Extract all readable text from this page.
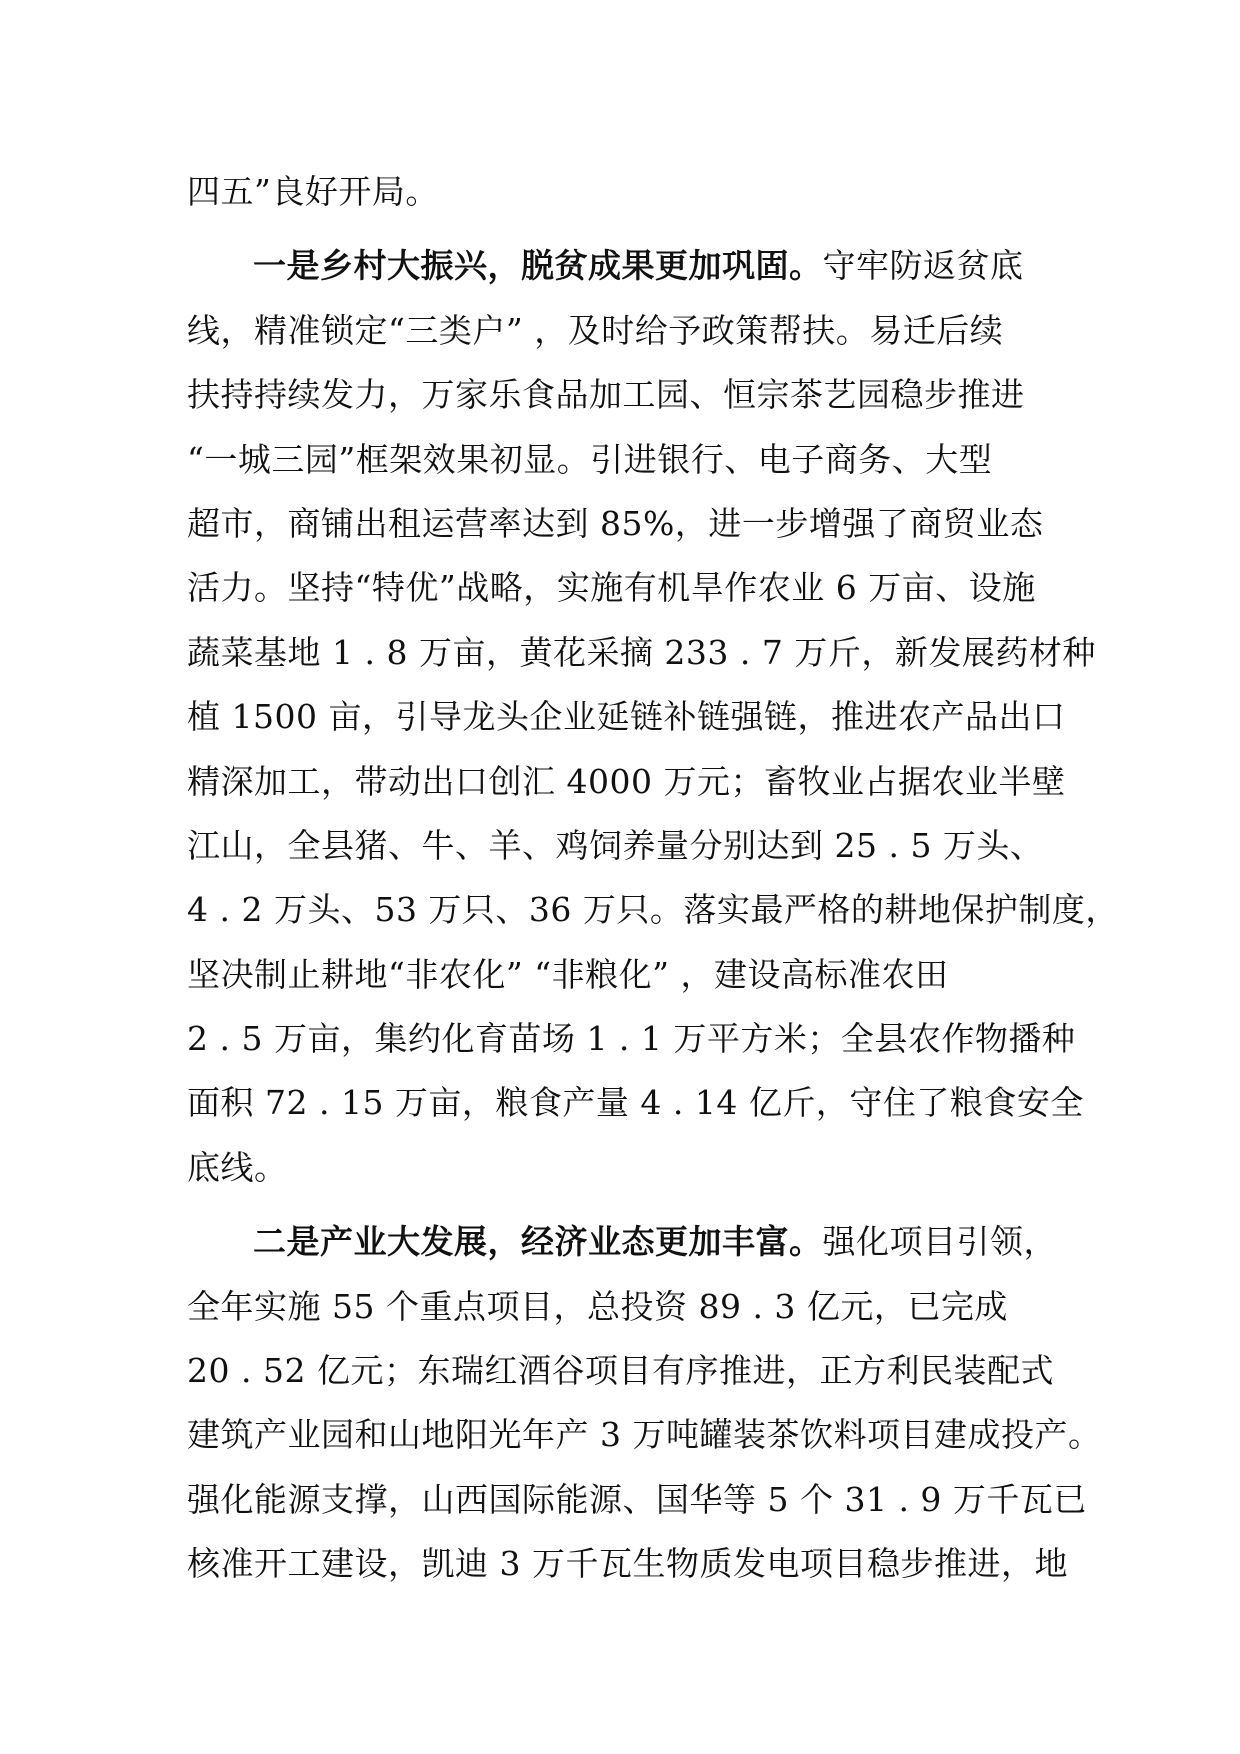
四五”良好开局。
一是乡村大振兴，脱贫成果更加巩固。守牢防返贫底
线，精准锁定“三类户” ，及时给予政策帮扶。易迁后续
扶持持续发力，万家乐食品加工园、恒宗茶艺园稳步推进
“一城三园”框架效果初显。引进银行、电子商务、大型
超市，商铺出租运营率达到 85%，进一步增强了商贸业态
活力。坚持“特优”战略，实施有机旱作农业 6 万亩、设施
蔬菜基地 1 . 8 万亩，黄花采摘 233 . 7 万斤，新发展药材种
植 1500 亩，引导龙头企业延链补链强链，推进农产品出口
精深加工，带动出口创汇 4000 万元；畜牧业占据农业半壁
江山，全县猪、牛、羊、鸡饲养量分别达到 25 . 5 万头、
4 . 2 万头、53 万只、36 万只。落实最严格的耕地保护制度，
坚决制止耕地“非农化” “非粮化” ，建设高标准农田
2 . 5 万亩，集约化育苗场 1 . 1 万平方米；全县农作物播种
面积 72 . 15 万亩，粮食产量 4 . 14 亿斤，守住了粮食安全
底线。
二是产业大发展，经济业态更加丰富。强化项目引领，
全年实施 55 个重点项目，总投资 89 . 3 亿元，已完成
20 . 52 亿元；东瑞红酒谷项目有序推进，正方利民装配式
建筑产业园和山地阳光年产 3 万吨罐装茶饮料项目建成投产。
强化能源支撑，山西国际能源、国华等 5 个 31 . 9 万千瓦已
核准开工建设，凯迪 3 万千瓦生物质发电项目稳步推进，地
